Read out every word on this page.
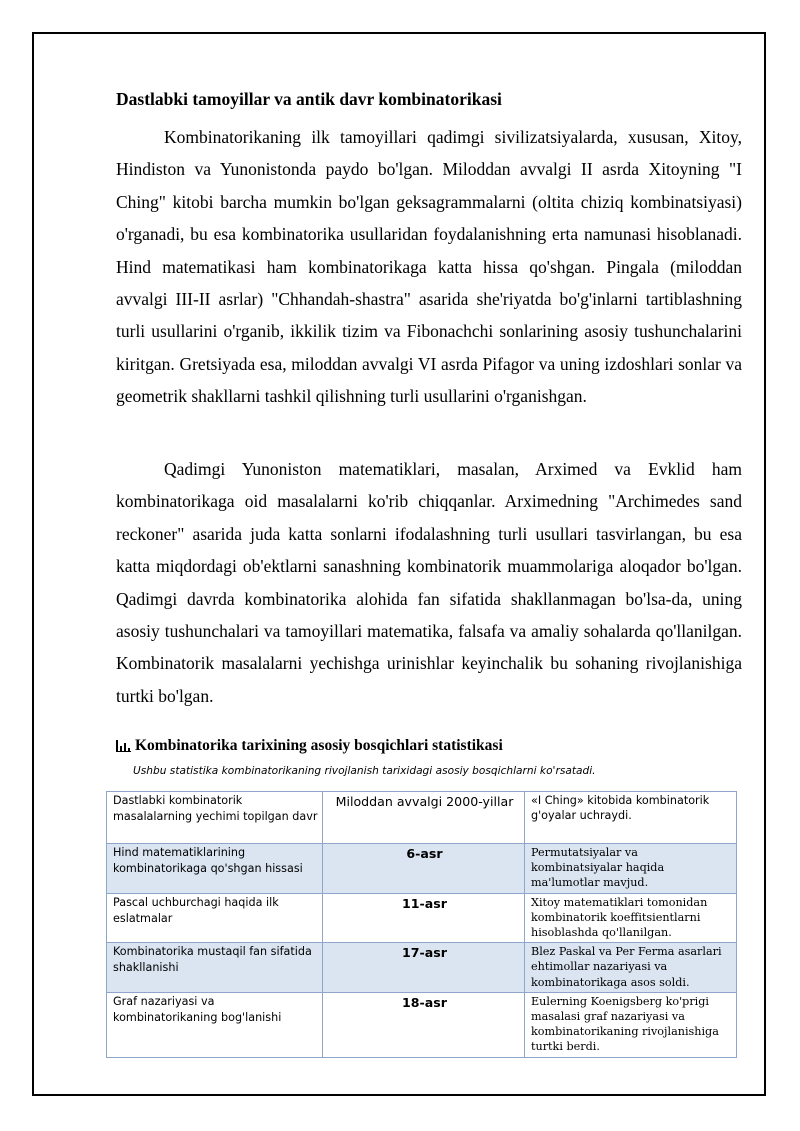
Dastlabki tamoyillar va antik davr kombinatorikasi

Kombinatorikaning ilk tamoyillari qadimgi sivilizatsiyalarda, xususan, Xitoy, Hindiston va Yunonistonda paydo bo'lgan. Miloddan avvalgi II asrda Xitoyning "I Ching" kitobi barcha mumkin bo'lgan geksagrammalarni (oltita chiziq kombinatsiyasi) o'rganadi, bu esa kombinatorika usullaridan foydalanishning erta namunasi hisoblanadi. Hind matematikasi ham kombinatorikaga katta hissa qo'shgan. Pingala (miloddan avvalgi III-II asrlar) "Chhandah-shastra" asarida she'riyatda bo'g'inlarni tartiblashning turli usullarini o'rganib, ikkilik tizim va Fibonachchi sonlarining asosiy tushunchalarini kiritgan. Gretsiyada esa, miloddan avvalgi VI asrda Pifagor va uning izdoshlari sonlar va geometrik shakllarni tashkil qilishning turli usullarini o'rganishgan.

Qadimgi Yunoniston matematiklari, masalan, Arximed va Evklid ham kombinatorikaga oid masalalarni ko'rib chiqqanlar. Arximedning "Archimedes sand reckoner" asarida juda katta sonlarni ifodalashning turli usullari tasvirlangan, bu esa katta miqdordagi ob'ektlarni sanashning kombinatorik muammolariga aloqador bo'lgan. Qadimgi davrda kombinatorika alohida fan sifatida shakllanmagan bo'lsa-da, uning asosiy tushunchalari va tamoyillari matematika, falsafa va amaliy sohalarda qo'llanilgan. Kombinatorik masalalarni yechishga urinishlar keyinchalik bu sohaning rivojlanishiga turtki bo'lgan.

Kombinatorika tarixining asosiy bosqichlari statistikasi
Ushbu statistika kombinatorikaning rivojlanish tarixidagi asosiy bosqichlarni ko'rsatadi.
Dastlabki kombinatorik masalalarning yechimi topilgan davr	Miloddan avvalgi 2000-yillar	«I Ching» kitobida kombinatorik g'oyalar uchraydi.
Hind matematiklarining kombinatorikaga qo'shgan hissasi	6-asr	Permutatsiyalar va kombinatsiyalar haqida ma'lumotlar mavjud.
Pascal uchburchagi haqida ilk eslatmalar	11-asr	Xitoy matematiklari tomonidan kombinatorik koeffitsientlarni hisoblashda qo'llanilgan.
Kombinatorika mustaqil fan sifatida shakllanishi	17-asr	Blez Paskal va Per Ferma asarlari ehtimollar nazariyasi va kombinatorikaga asos soldi.
Graf nazariyasi va kombinatorikaning bog'lanishi	18-asr	Eulerning Koenigsberg ko'prigi masalasi graf nazariyasi va kombinatorikaning rivojlanishiga turtki berdi.
